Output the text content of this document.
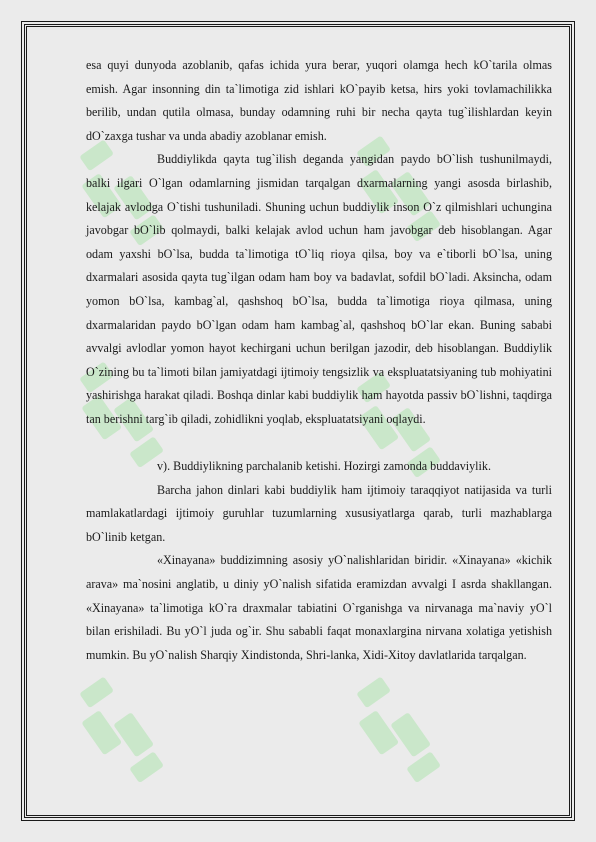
esa quyi dunyoda azoblanib, qafas ichida yura berar, yuqori olamga hech kO`tarila olmas emish. Agar insonning din ta`limotiga zid ishlari kO`payib ketsa, hirs yoki tovlamachilikka berilib, undan qutila olmasa, bunday odamning ruhi bir necha qayta tug`ilishlardan keyin dO`zaxga tushar va unda abadiy azoblanar emish.

Buddiylikda qayta tug`ilish deganda yangidan paydo bO`lish tushunilmaydi, balki ilgari O`lgan odamlarning jismidan tarqalgan dxarmalarning yangi asosda birlashib, kelajak avlodga O`tishi tushuniladi. Shuning uchun buddiylik inson O`z qilmishlari uchungina javobgar bO`lib qolmaydi, balki kelajak avlod uchun ham javobgar deb hisoblangan. Agar odam yaxshi bO`lsa, budda ta`limotiga tO`liq rioya qilsa, boy va e`tiborli bO`lsa, uning dxarmalari asosida qayta tug`ilgan odam ham boy va badavlat, sofdil bO`ladi. Aksincha, odam yomon bO`lsa, kambag`al, qashshoq bO`lsa, budda ta`limotiga rioya qilmasa, uning dxarmalaridan paydo bO`lgan odam ham kambag`al, qashshoq bO`lar ekan. Buning sababi avvalgi avlodlar yomon hayot kechirgani uchun berilgan jazodir, deb hisoblangan. Buddiylik O`zining bu ta`limoti bilan jamiyatdagi ijtimoiy tengsizlik va ekspluatatsiyaning tub mohiyatini yashirishga harakat qiladi. Boshqa dinlar kabi buddiylik ham hayotda passiv bO`lishni, taqdirga tan berishni targ`ib qiladi, zohidlikni yoqlab, ekspluatatsiyani oqlaydi.

v). Buddiylikning parchalanib ketishi. Hozirgi zamonda buddaviylik.

Barcha jahon dinlari kabi buddiylik ham ijtimoiy taraqqiyot natijasida va turli mamlakatlardagi ijtimoiy guruhlar tuzumlarning xususiyatlarga qarab, turli mazhablarga bO`linib ketgan.

«Xinayana» buddizimning asosiy yO`nalishlaridan biridir. «Xinayana» «kichik arava» ma`nosini anglatib, u diniy yO`nalish sifatida eramizdan avvalgi I asrda shakllangan. «Xinayana» ta`limotiga kO`ra draxmalar tabiatini O`rganishga va nirvanaga ma`naviy yO`l bilan erishiladi. Bu yO`l juda og`ir. Shu sababli faqat monaxlargina nirvana xolatiga yetishish mumkin. Bu yO`nalish Sharqiy Xindistonda, Shri-lanka, Xidi-Xitoy davlatlarida tarqalgan.
